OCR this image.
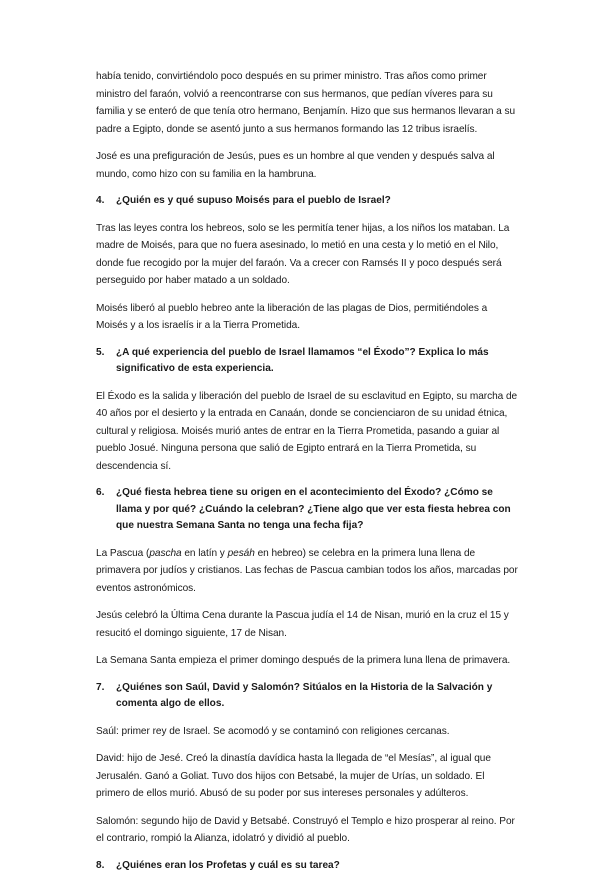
había tenido, convirtiéndolo poco después en su primer ministro. Tras años como primer ministro del faraón, volvió a reencontrarse con sus hermanos, que pedían víveres para su familia y se enteró de que tenía otro hermano, Benjamín. Hizo que sus hermanos llevaran a su padre a Egipto, donde se asentó junto a sus hermanos formando las 12 tribus israelís.

José es una prefiguración de Jesús, pues es un hombre al que venden y después salva al mundo, como hizo con su familia en la hambruna.

4.	¿Quién es y qué supuso Moisés para el pueblo de Israel?

Tras las leyes contra los hebreos, solo se les permitía tener hijas, a los niños los mataban. La madre de Moisés, para que no fuera asesinado, lo metió en una cesta y lo metió en el Nilo, donde fue recogido por la mujer del faraón. Va a crecer con Ramsés II y poco después será perseguido por haber matado a un soldado.

Moisés liberó al pueblo hebreo ante la liberación de las plagas de Dios, permitiéndoles a Moisés y a los israelís ir a la Tierra Prometida.

5.	¿A qué experiencia del pueblo de Israel llamamos “el Éxodo”? Explica lo más significativo de esta experiencia.

El Éxodo es la salida y liberación del pueblo de Israel de su esclavitud en Egipto, su marcha de 40 años por el desierto y la entrada en Canaán, donde se concienciaron de su unidad étnica, cultural y religiosa. Moisés murió antes de entrar en la Tierra Prometida, pasando a guiar al pueblo Josué. Ninguna persona que salió de Egipto entrará en la Tierra Prometida, su descendencia sí.

6.	¿Qué fiesta hebrea tiene su origen en el acontecimiento del Éxodo? ¿Cómo se llama y por qué? ¿Cuándo la celebran? ¿Tiene algo que ver esta fiesta hebrea con que nuestra Semana Santa no tenga una fecha fija?

La Pascua (pascha en latín y pesáh en hebreo) se celebra en la primera luna llena de primavera por judíos y cristianos. Las fechas de Pascua cambian todos los años, marcadas por eventos astronómicos.

Jesús celebró la Última Cena durante la Pascua judía el 14 de Nisan, murió en la cruz el 15 y resucitó el domingo siguiente, 17 de Nisan.

La Semana Santa empieza el primer domingo después de la primera luna llena de primavera.

7.	¿Quiénes son Saúl, David y Salomón? Sitúalos en la Historia de la Salvación y comenta algo de ellos.

Saúl: primer rey de Israel. Se acomodó y se contaminó con religiones cercanas.

David: hijo de Jesé. Creó la dinastía davídica hasta la llegada de “el Mesías”, al igual que Jerusalén. Ganó a Goliat. Tuvo dos hijos con Betsabé, la mujer de Urías, un soldado. El primero de ellos murió. Abusó de su poder por sus intereses personales y adúlteros.

Salomón: segundo hijo de David y Betsabé. Construyó el Templo e hizo prosperar al reino. Por el contrario, rompió la Alianza, idolatró y dividió al pueblo.

8.	¿Quiénes eran los Profetas y cuál es su tarea?
